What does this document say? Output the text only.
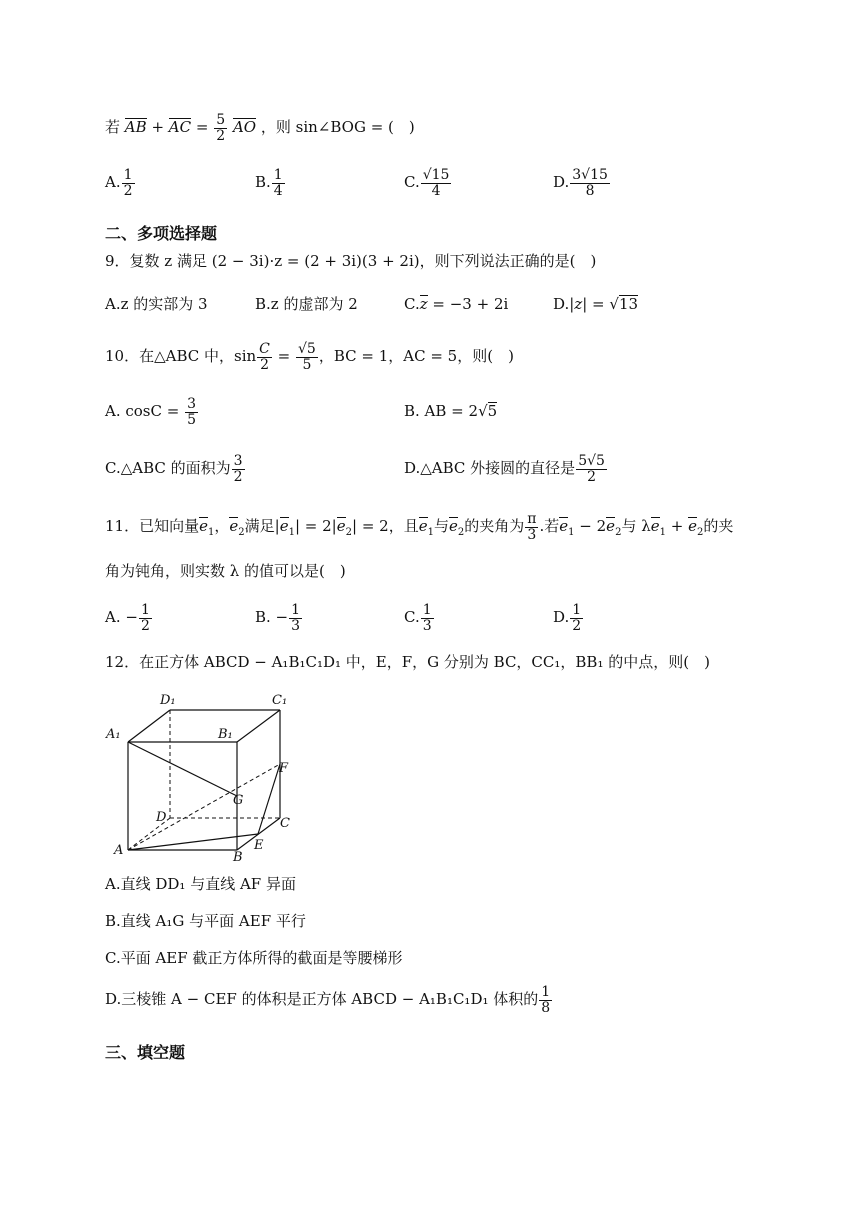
若 AB + AC = $\frac{5}{2}$ AO ，则 sin∠BOG = (　)
A. $\frac{1}{2}$	B. $\frac{1}{4}$	C. $\frac{√15}{4}$	D. $\frac{3√15}{8}$
二、多项选择题
9．复数 z 满足 (2 − 3i)·z = (2 + 3i)(3 + 2i)，则下列说法正确的是(　)
A.z 的实部为 3	B.z 的虚部为 2	C.z = −3 + 2i	D.|z| = √13
10．在△ABC 中，$\sin \frac{C}{2} = \frac{√5}{5}$ ，BC = 1，AC = 5，则(　)
A. $\cos C = \frac{3}{5}$	B. AB = 2√5
C.△ABC 的面积为 $\frac{3}{2}$	D.△ABC 外接圆的直径是 $\frac{5√5}{2}$
11．已知向量$e_1$，$e_2$满足$|e_1| = 2|e_2| = 2$，且$e_1$与$e_2$的夹角为 $\frac{\pi}{3}$ .若$e_1 - 2e_2$与 $\lambda e_1 + e_2$的夹
角为钝角，则实数 λ 的值可以是(　)
A. − $\frac{1}{2}$	B. − $\frac{1}{3}$	C. $\frac{1}{3}$	D. $\frac{1}{2}$
12．在正方体 ABCD − A₁B₁C₁D₁ 中，E，F，G 分别为 BC，CC₁，BB₁ 的中点，则(　)
D₁	C₁
A₁	B₁
F
G
D	C
A	E
B
A.直线 DD₁ 与直线 AF 异面
B.直线 A₁G 与平面 AEF 平行
C.平面 AEF 截正方体所得的截面是等腰梯形
D.三棱锥 A − CEF 的体积是正方体 ABCD − A₁B₁C₁D₁ 体积的 $\frac{1}{8}$
三、填空题
